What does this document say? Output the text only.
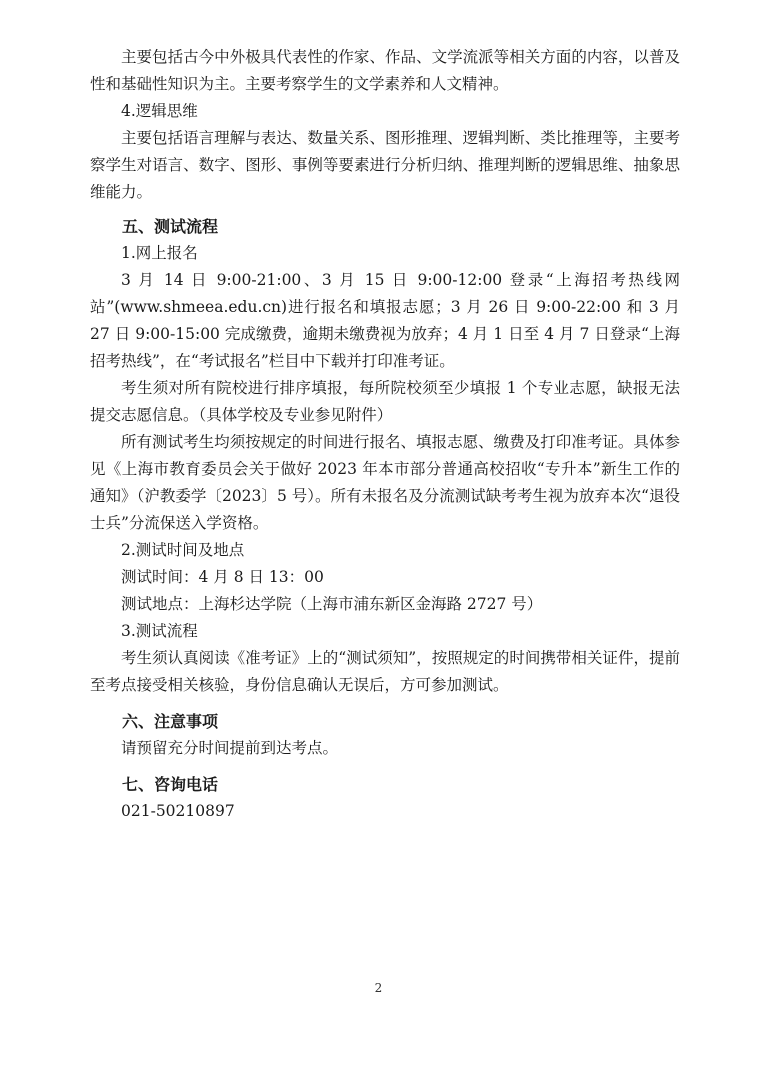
主要包括古今中外极具代表性的作家、作品、文学流派等相关方面的内容，以普及性和基础性知识为主。主要考察学生的文学素养和人文精神。

4.逻辑思维

主要包括语言理解与表达、数量关系、图形推理、逻辑判断、类比推理等，主要考察学生对语言、数字、图形、事例等要素进行分析归纳、推理判断的逻辑思维、抽象思维能力。

五、测试流程

1.网上报名

3 月 14 日 9:00-21:00、3 月 15 日 9:00-12:00 登录“上海招考热线网站”(www.shmeea.edu.cn)进行报名和填报志愿；3 月 26 日 9:00-22:00 和 3 月 27 日 9:00-15:00 完成缴费，逾期未缴费视为放弃；4 月 1 日至 4 月 7 日登录“上海招考热线”，在“考试报名”栏目中下载并打印准考证。

考生须对所有院校进行排序填报，每所院校须至少填报 1 个专业志愿，缺报无法提交志愿信息。（具体学校及专业参见附件）

所有测试考生均须按规定的时间进行报名、填报志愿、缴费及打印准考证。具体参见《上海市教育委员会关于做好 2023 年本市部分普通高校招收“专升本”新生工作的通知》（沪教委学〔2023〕5 号）。所有未报名及分流测试缺考考生视为放弃本次“退役士兵”分流保送入学资格。

2.测试时间及地点

测试时间：4 月 8 日 13：00

测试地点：上海杉达学院（上海市浦东新区金海路 2727 号）

3.测试流程

考生须认真阅读《准考证》上的“测试须知”，按照规定的时间携带相关证件，提前至考点接受相关核验，身份信息确认无误后，方可参加测试。

六、注意事项

请预留充分时间提前到达考点。

七、咨询电话

021-50210897

2
